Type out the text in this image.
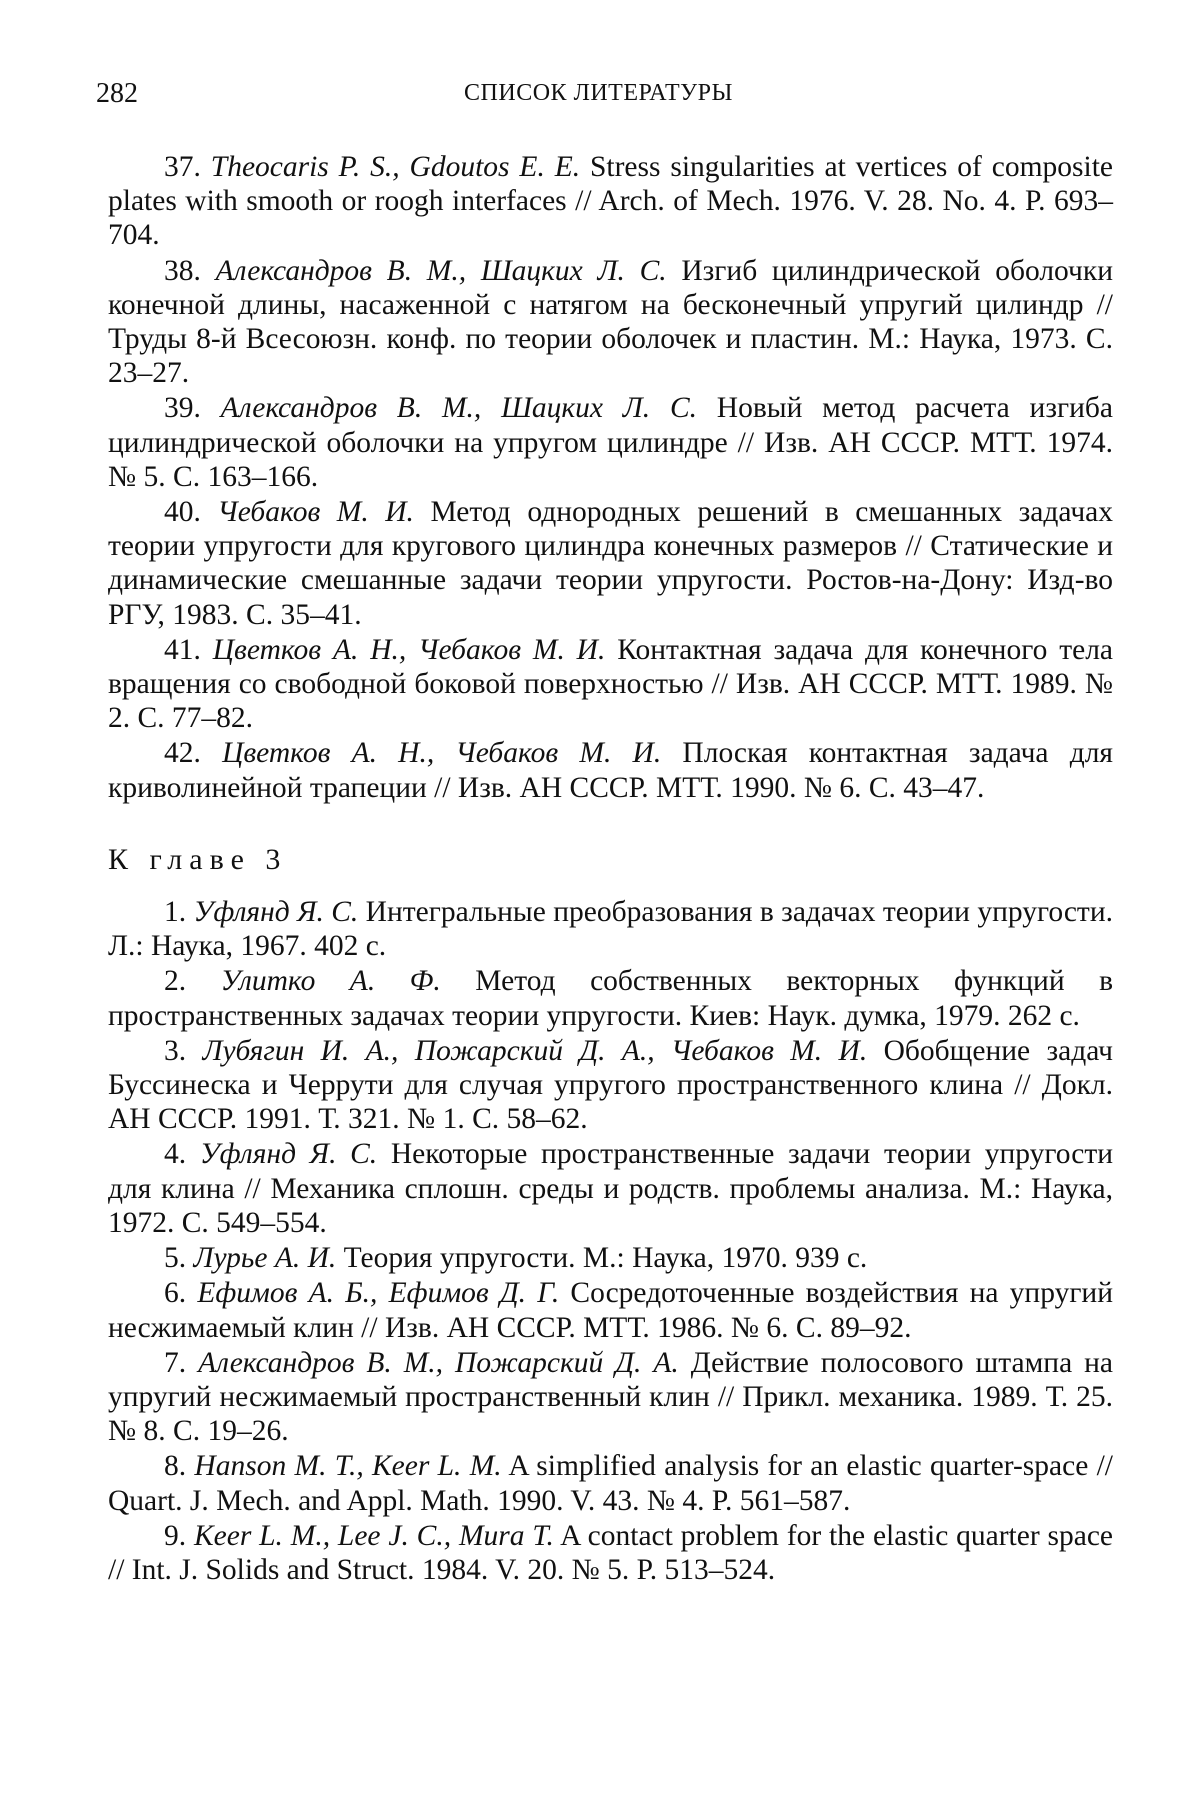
282	СПИСОК ЛИТЕРАТУРЫ

37. Theocaris P. S., Gdoutos E. E. Stress singularities at vertices of composite plates with smooth or roogh interfaces // Arch. of Mech. 1976. V. 28. No. 4. P. 693–704.

38. Александров В. М., Шацких Л. С. Изгиб цилиндрической оболочки конечной длины, насаженной с натягом на бесконечный упругий цилиндр // Труды 8-й Всесоюзн. конф. по теории оболочек и пластин. М.: Наука, 1973. С. 23–27.

39. Александров В. М., Шацких Л. С. Новый метод расчета изгиба цилиндрической оболочки на упругом цилиндре // Изв. АН СССР. МТТ. 1974. № 5. С. 163–166.

40. Чебаков М. И. Метод однородных решений в смешанных задачах теории упругости для кругового цилиндра конечных размеров // Статические и динамические смешанные задачи теории упругости. Ростов-на-Дону: Изд-во РГУ, 1983. С. 35–41.

41. Цветков А. Н., Чебаков М. И. Контактная задача для конечного тела вращения со свободной боковой поверхностью // Изв. АН СССР. МТТ. 1989. № 2. С. 77–82.

42. Цветков А. Н., Чебаков М. И. Плоская контактная задача для криволинейной трапеции // Изв. АН СССР. МТТ. 1990. № 6. С. 43–47.

К главе 3

1. Уфлянд Я. С. Интегральные преобразования в задачах теории упругости. Л.: Наука, 1967. 402 с.

2. Улитко А. Ф. Метод собственных векторных функций в пространственных задачах теории упругости. Киев: Наук. думка, 1979. 262 с.

3. Лубягин И. А., Пожарский Д. А., Чебаков М. И. Обобщение задач Буссинеска и Черрути для случая упругого пространственного клина // Докл. АН СССР. 1991. Т. 321. № 1. С. 58–62.

4. Уфлянд Я. С. Некоторые пространственные задачи теории упругости для клина // Механика сплошн. среды и родств. проблемы анализа. М.: Наука, 1972. С. 549–554.

5. Лурье А. И. Теория упругости. М.: Наука, 1970. 939 с.

6. Ефимов А. Б., Ефимов Д. Г. Сосредоточенные воздействия на упругий несжимаемый клин // Изв. АН СССР. МТТ. 1986. № 6. С. 89–92.

7. Александров В. М., Пожарский Д. А. Действие полосового штампа на упругий несжимаемый пространственный клин // Прикл. механика. 1989. Т. 25. № 8. С. 19–26.

8. Hanson M. T., Keer L. M. A simplified analysis for an elastic quarter-space // Quart. J. Mech. and Appl. Math. 1990. V. 43. № 4. P. 561–587.

9. Keer L. M., Lee J. C., Mura T. A contact problem for the elastic quarter space // Int. J. Solids and Struct. 1984. V. 20. № 5. P. 513–524.
